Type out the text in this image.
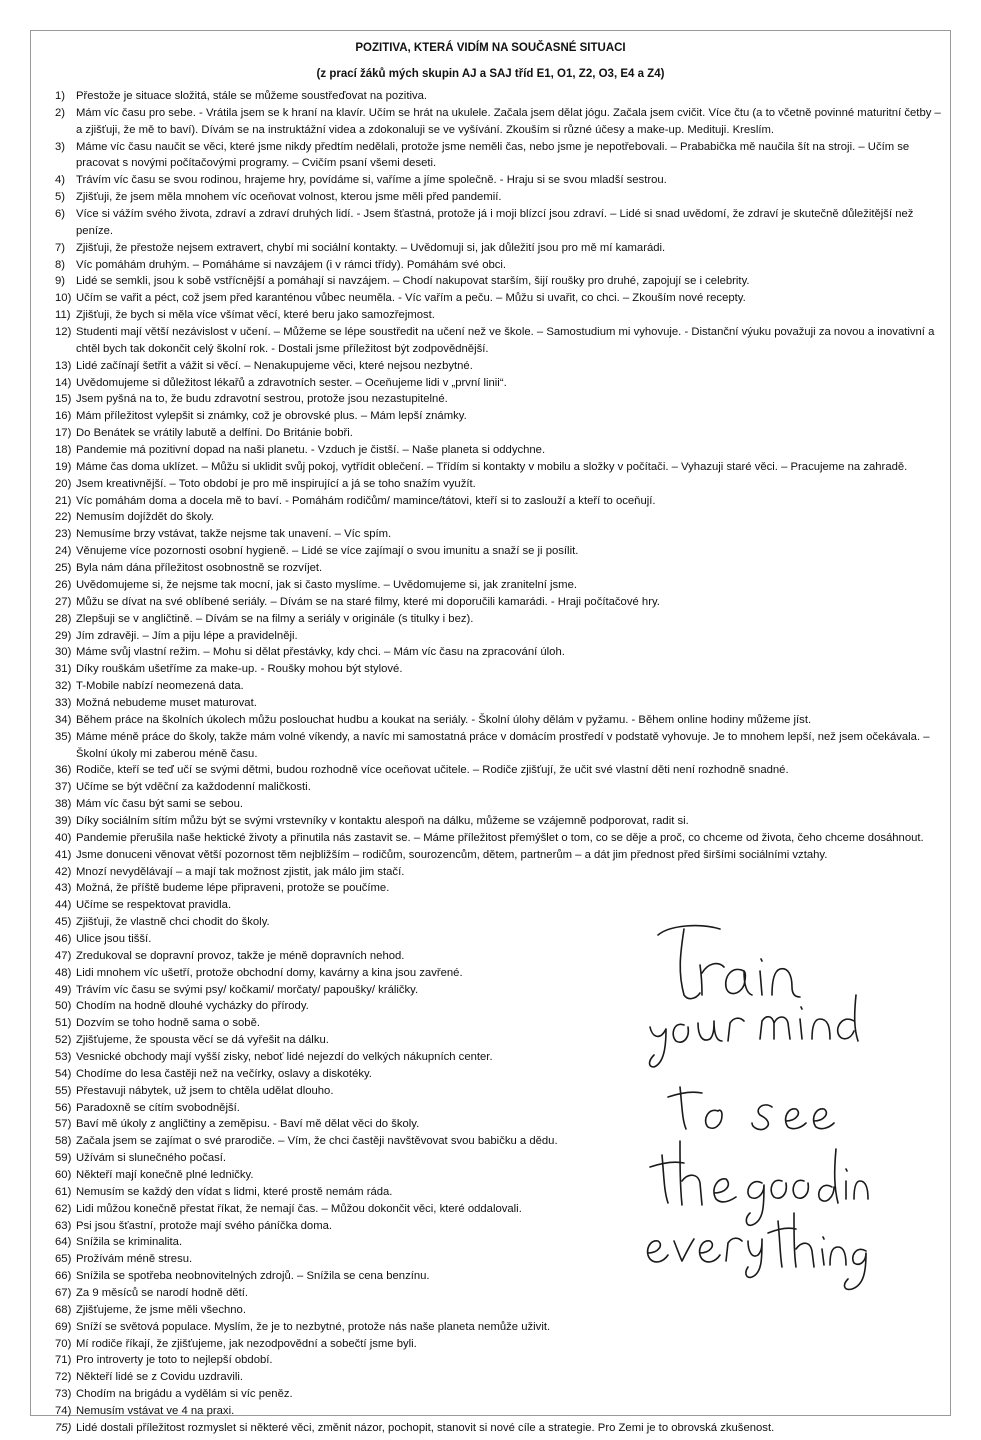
POZITIVA, KTERÁ VIDÍM NA SOUČASNÉ SITUACI
(z prací žáků mých skupin AJ a SAJ tříd E1, O1, Z2, O3, E4 a Z4)
1) Přestože je situace složitá, stále se můžeme soustřeďovat na pozitiva.
2) Mám víc času pro sebe. - Vrátila jsem se k hraní na klavír. Učím se hrát na ukulele. Začala jsem dělat jógu. Začala jsem cvičit. Více čtu (a to včetně povinné maturitní četby – a zjišťuji, že mě to baví). Dívám se na instruktážní videa a zdokonaluji se ve vyšívání. Zkouším si různé účesy a make-up. Medituji. Kreslím.
3) Máme víc času naučit se věci, které jsme nikdy předtím nedělali, protože jsme neměli čas, nebo jsme je nepotřebovali. – Prababička mě naučila šít na stroji. – Učím se pracovat s novými počítačovými programy. – Cvičím psaní všemi deseti.
4) Trávím víc času se svou rodinou, hrajeme hry, povídáme si, vaříme a jíme společně. - Hraju si se svou mladší sestrou.
5) Zjišťuji, že jsem měla mnohem víc oceňovat volnost, kterou jsme měli před pandemií.
6) Více si vážím svého života, zdraví a zdraví druhých lidí. - Jsem šťastná, protože já i moji blízcí jsou zdraví. – Lidé si snad uvědomí, že zdraví je skutečně důležitější než peníze.
7) Zjišťuji, že přestože nejsem extravert, chybí mi sociální kontakty. – Uvědomuji si, jak důležití jsou pro mě mí kamarádi.
8) Víc pomáhám druhým. – Pomáháme si navzájem (i v rámci třídy). Pomáhám své obci.
9) Lidé se semkli, jsou k sobě vstřícnější a pomáhají si navzájem. – Chodí nakupovat starším, šijí roušky pro druhé, zapojují se i celebrity.
10) Učím se vařit a péct, což jsem před karanténou vůbec neuměla. - Víc vařím a peču. – Můžu si uvařit, co chci. – Zkouším nové recepty.
11) Zjišťuji, že bych si měla více všímat věcí, které beru jako samozřejmost.
12) Studenti mají větší nezávislost v učení. – Můžeme se lépe soustředit na učení než ve škole. – Samostudium mi vyhovuje. - Distanční výuku považuji za novou a inovativní a chtěl bych tak dokončit celý školní rok. - Dostali jsme příležitost být zodpovědnější.
13) Lidé začínají šetřit a vážit si věcí. – Nenakupujeme věci, které nejsou nezbytné.
14) Uvědomujeme si důležitost lékařů a zdravotních sester. – Oceňujeme lidi v „první linii“.
15) Jsem pyšná na to, že budu zdravotní sestrou, protože jsou nezastupitelné.
16) Mám příležitost vylepšit si známky, což je obrovské plus. – Mám lepší známky.
17) Do Benátek se vrátily labutě a delfíni. Do Británie bobři.
18) Pandemie má pozitivní dopad na naši planetu. - Vzduch je čistší. – Naše planeta si oddychne.
19) Máme čas doma uklízet. – Můžu si uklidit svůj pokoj, vytřídit oblečení. – Třídím si kontakty v mobilu a složky v počítači. – Vyhazuji staré věci. – Pracujeme na zahradě.
20) Jsem kreativnější. – Toto období je pro mě inspirující a já se toho snažím využít.
21) Víc pomáhám doma a docela mě to baví. - Pomáhám rodičům/ mamince/tátovi, kteří si to zaslouží a kteří to oceňují.
22) Nemusím dojíždět do školy.
23) Nemusíme brzy vstávat, takže nejsme tak unavení. – Víc spím.
24) Věnujeme více pozornosti osobní hygieně. – Lidé se více zajímají o svou imunitu a snaží se ji posílit.
25) Byla nám dána příležitost osobnostně se rozvíjet.
26) Uvědomujeme si, že nejsme tak mocní, jak si často myslíme. – Uvědomujeme si, jak zranitelní jsme.
27) Můžu se dívat na své oblíbené seriály. – Dívám se na staré filmy, které mi doporučili kamarádi. - Hraji počítačové hry.
28) Zlepšuji se v angličtině. – Dívám se na filmy a seriály v originále (s titulky i bez).
29) Jím zdravěji. – Jím a piju lépe a pravidelněji.
30) Máme svůj vlastní režim. – Mohu si dělat přestávky, kdy chci. – Mám víc času na zpracování úloh.
31) Díky rouškám ušetříme za make-up. - Roušky mohou být stylové.
32) T-Mobile nabízí neomezená data.
33) Možná nebudeme muset maturovat.
34) Během práce na školních úkolech můžu poslouchat hudbu a koukat na seriály. - Školní úlohy dělám v pyžamu. - Během online hodiny můžeme jíst.
35) Máme méně práce do školy, takže mám volné víkendy, a navíc mi samostatná práce v domácím prostředí v podstatě vyhovuje. Je to mnohem lepší, než jsem očekávala. – Školní úkoly mi zaberou méně času.
36) Rodiče, kteří se teď učí se svými dětmi, budou rozhodně více oceňovat učitele. – Rodiče zjišťují, že učit své vlastní děti není rozhodně snadné.
37) Učíme se být vděční za každodenní maličkosti.
38) Mám víc času být sami se sebou.
39) Díky sociálním sítím můžu být se svými vrstevníky v kontaktu alespoň na dálku, můžeme se vzájemně podporovat, radit si.
40) Pandemie přerušila naše hektické životy a přinutila nás zastavit se. – Máme příležitost přemýšlet o tom, co se děje a proč, co chceme od života, čeho chceme dosáhnout.
41) Jsme donuceni věnovat větší pozornost těm nejbližším – rodičům, sourozencům, dětem, partnerům – a dát jim přednost před širšími sociálními vztahy.
42) Mnozí nevydělávají – a mají tak možnost zjistit, jak málo jim stačí.
43) Možná, že příště budeme lépe připraveni, protože se poučíme.
44) Učíme se respektovat pravidla.
45) Zjišťuji, že vlastně chci chodit do školy.
46) Ulice jsou tišší.
47) Zredukoval se dopravní provoz, takže je méně dopravních nehod.
48) Lidi mnohem víc ušetří, protože obchodní domy, kavárny a kina jsou zavřené.
49) Trávím víc času se svými psy/ kočkami/ morčaty/ papoušky/ králičky.
50) Chodím na hodně dlouhé vycházky do přírody.
51) Dozvím se toho hodně sama o sobě.
52) Zjišťujeme, že spousta věcí se dá vyřešit na dálku.
53) Vesnické obchody mají vyšší zisky, neboť lidé nejezdí do velkých nákupních center.
54) Chodíme do lesa častěji než na večírky, oslavy a diskotéky.
55) Přestavuji nábytek, už jsem to chtěla udělat dlouho.
56) Paradoxně se cítím svobodnější.
57) Baví mě úkoly z angličtiny a zeměpisu. - Baví mě dělat věci do školy.
58) Začala jsem se zajímat o své prarodiče. – Vím, že chci častěji navštěvovat svou babičku a dědu.
59) Užívám si slunečného počasí.
60) Někteří mají konečně plné ledničky.
61) Nemusím se každý den vídat s lidmi, které prostě nemám ráda.
62) Lidi můžou konečně přestat říkat, že nemají čas. – Můžou dokončit věci, které oddalovali.
63) Psi jsou šťastní, protože mají svého páníčka doma.
64) Snížila se kriminalita.
65) Prožívám méně stresu.
66) Snížila se spotřeba neobnovitelných zdrojů. – Snížila se cena benzínu.
67) Za 9 měsíců se narodí hodně dětí.
68) Zjišťujeme, že jsme měli všechno.
69) Sníží se světová populace. Myslím, že je to nezbytné, protože nás naše planeta nemůže uživit.
70) Mí rodiče říkají, že zjišťujeme, jak nezodpovědní a sobečtí jsme byli.
71) Pro introverty je toto to nejlepší období.
72) Někteří lidé se z Covidu uzdravili.
73) Chodím na brigádu a vydělám si víc peněz.
74) Nemusím vstávat ve 4 na praxi.
75) Lidé dostali příležitost rozmyslet si některé věci, změnit názor, pochopit, stanovit si nové cíle a strategie. Pro Zemi je to obrovská zkušenost.
